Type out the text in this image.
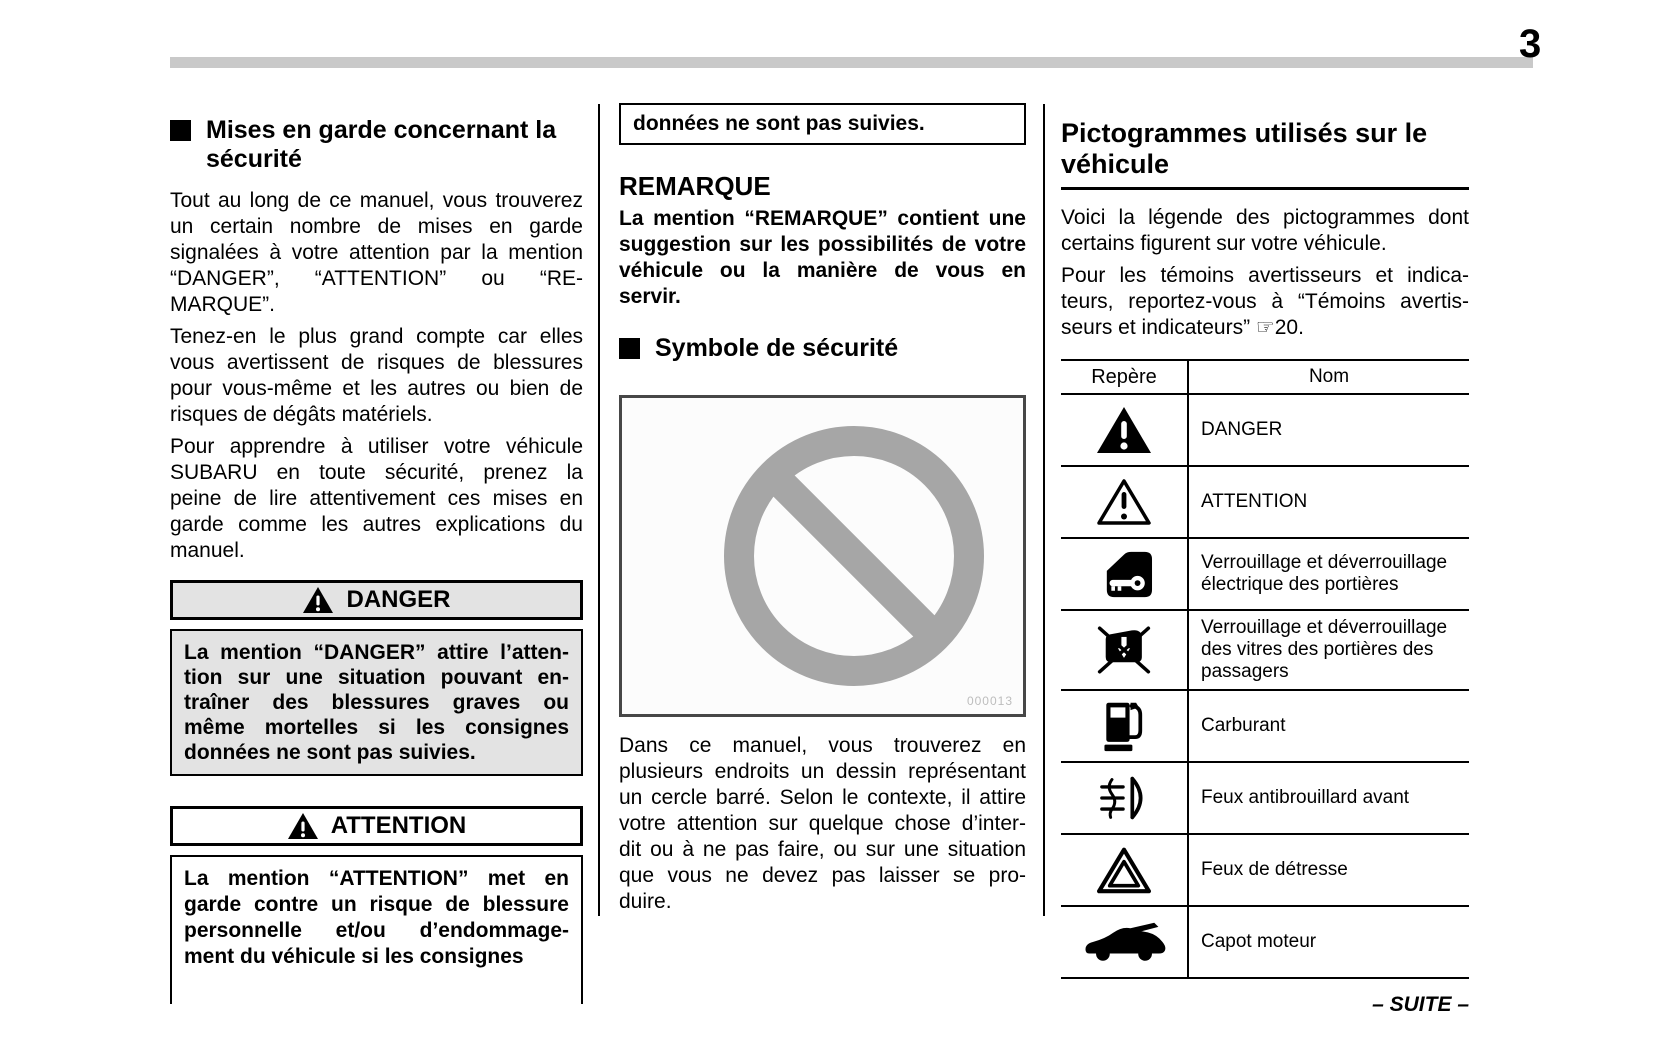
3
Mises en garde concernant la
sécurité

Tout au long de ce manuel, vous trouverez
un certain nombre de mises en garde
signalées à votre attention par la mention
“DANGER”, “ATTENTION” ou “RE-
MARQUE”.

Tenez-en le plus grand compte car elles
vous avertissent de risques de blessures
pour vous-même et les autres ou bien de
risques de dégâts matériels.

Pour apprendre à utiliser votre véhicule
SUBARU en toute sécurité, prenez la
peine de lire attentivement ces mises en
garde comme les autres explications du
manuel.

DANGER
La mention “DANGER” attire l’atten-
tion sur une situation pouvant en-
traîner des blessures graves ou
même mortelles si les consignes
données ne sont pas suivies.
ATTENTION
La mention “ATTENTION” met en
garde contre un risque de blessure
personnelle et/ou d’endommage-
ment du véhicule si les consignes
données ne sont pas suivies.
REMARQUE

La mention “REMARQUE” contient une
suggestion sur les possibilités de votre
véhicule ou la manière de vous en
servir.

Symbole de sécurité
000013

Dans ce manuel, vous trouverez en
plusieurs endroits un dessin représentant
un cercle barré. Selon le contexte, il attire
votre attention sur quelque chose d’inter-
dit ou à ne pas faire, ou sur une situation
que vous ne devez pas laisser se pro-
duire.

Pictogrammes utilisés sur le
véhicule

Voici la légende des pictogrammes dont
certains figurent sur votre véhicule.

Pour les témoins avertisseurs et indica-
teurs, reportez-vous à “Témoins avertis-
seurs et indicateurs” ☞20.

Repère	Nom
DANGER
ATTENTION
Verrouillage et déverrouillage
électrique des portières
Verrouillage et déverrouillage
des vitres des portières des
passagers
Carburant
Feux antibrouillard avant
Feux de détresse
Capot moteur
– SUITE –
